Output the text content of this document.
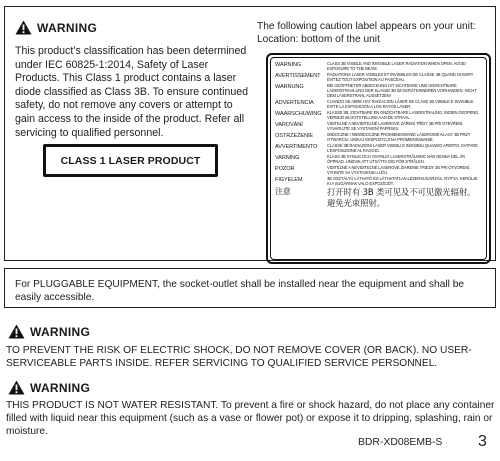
WARNING

This product’s classification has been determined under IEC 60825-1:2014, Safety of Laser Products. This Class 1 product contains a laser diode classified as Class 3B. To ensure continued safety, do not remove any covers or attempt to gain access to the inside of the product. Refer all servicing to qualified personnel.

CLASS 1 LASER PRODUCT
The following caution label appears on your unit:
Location: bottom of the unit
WARNING	CLASS 3B VISIBLE AND INVISIBLE LASER RADIATION WHEN OPEN. AVOID EXPOSURE TO THE BEAM.
AVERTISSEMENT	RADIATIONS LASER VISIBLES ET INVISIBLES DE CLASSE 3B QUAND OUVERT. ÉVITEZ TOUT EXPOSITION AU FAISCEAU.
WARNUNG	BEI GEÖFFNETER ABDECKUNG IST SICHTBARE UND UNSICHTBARE LASERSTRAHLUNG DER KLASSE 3B IM GERÄTEINNEREN VORHANDEN. NICHT DEM LASERSTRAHL AUSSETZEN!
ADVERTENCIA	CUANDO SE ABRE HAY RADIACIÓN LÁSER DE CLASE 3B VISIBLE E INVISIBLE. EVITE LA EXPOSICIÓN A LOS RAYOS LÁSER.
WAARSCHUWING	KLASSE 3B, ZICHTBARE EN ONZICHTBARE LASERSTRALING, INDIEN GEOPEND, VERMIJD BLOOTSTELLING AAN DE STRAAL.
VAROVÁNÍ	VIDITELNÉ A NEVIDITELNÉ LASEROVÉ ZÁŘENÍ TŘÍDY 3B PŘI OTEVŘENÍ. VYVARUJTE SE VYSTAVENÍ PAPRSKU.
OSTRZEŻENIE	WIDOCZNE I NIEWIDOCZNE PROMIENIOWANIE LASEROWE KLASY 3B PRZY OTWARCIU. UNIKAJ EKSPOZYCJI NA PROMIENIOWANIE.
AVVERTIMENTO	CLASSE 3B RADIAZIONI LASER VISIBILI E INVISIBILI QUANDO APERTO. EVITARE L’ESPOSIZIONE AL RAGGIO.
VARNING	KLASS 3B SYNLIG OCH OSYNLIG LASERSTRÅLNING NÄR DENNA DEL ÄR ÖPPNAD. UNDVIK ATT UTSÄTTA DIG FÖR STRÅLEN.
POZOR	VIDITEĽNÉ A NEVIDITEĽNÉ LASEROVÉ ŽIARENIE TRIEDY 3B PRI OTVORENÍ. VYHNITE SA VYSTAVENIU LÚČU.
FIGYELEM	3B OSZTÁLYÚ LÁTHATÓ ÉS LÁTHATATLAN LÉZERSUGÁRZÁS, NYITVA. KERÜLJE KI A SUGÁRNAK VALÓ EXPOZÍCIÓT.
注意	打开时有 3B 类可见及不可见激光辐射。避免光束照射。
For PLUGGABLE EQUIPMENT, the socket-outlet shall be installed near the equipment and shall be easily accessible.
WARNING

TO PREVENT THE RISK OF ELECTRIC SHOCK, DO NOT REMOVE COVER (OR BACK). NO USER-SERVICEABLE PARTS INSIDE. REFER SERVICING TO QUALIFIED SERVICE PERSONNEL.

WARNING

THIS PRODUCT IS NOT WATER RESISTANT. To prevent a fire or shock hazard, do not place any container filled with liquid near this equipment (such as a vase or flower pot) or expose it to dripping, splashing, rain or moisture.

BDR-XD08EMB-S 3
